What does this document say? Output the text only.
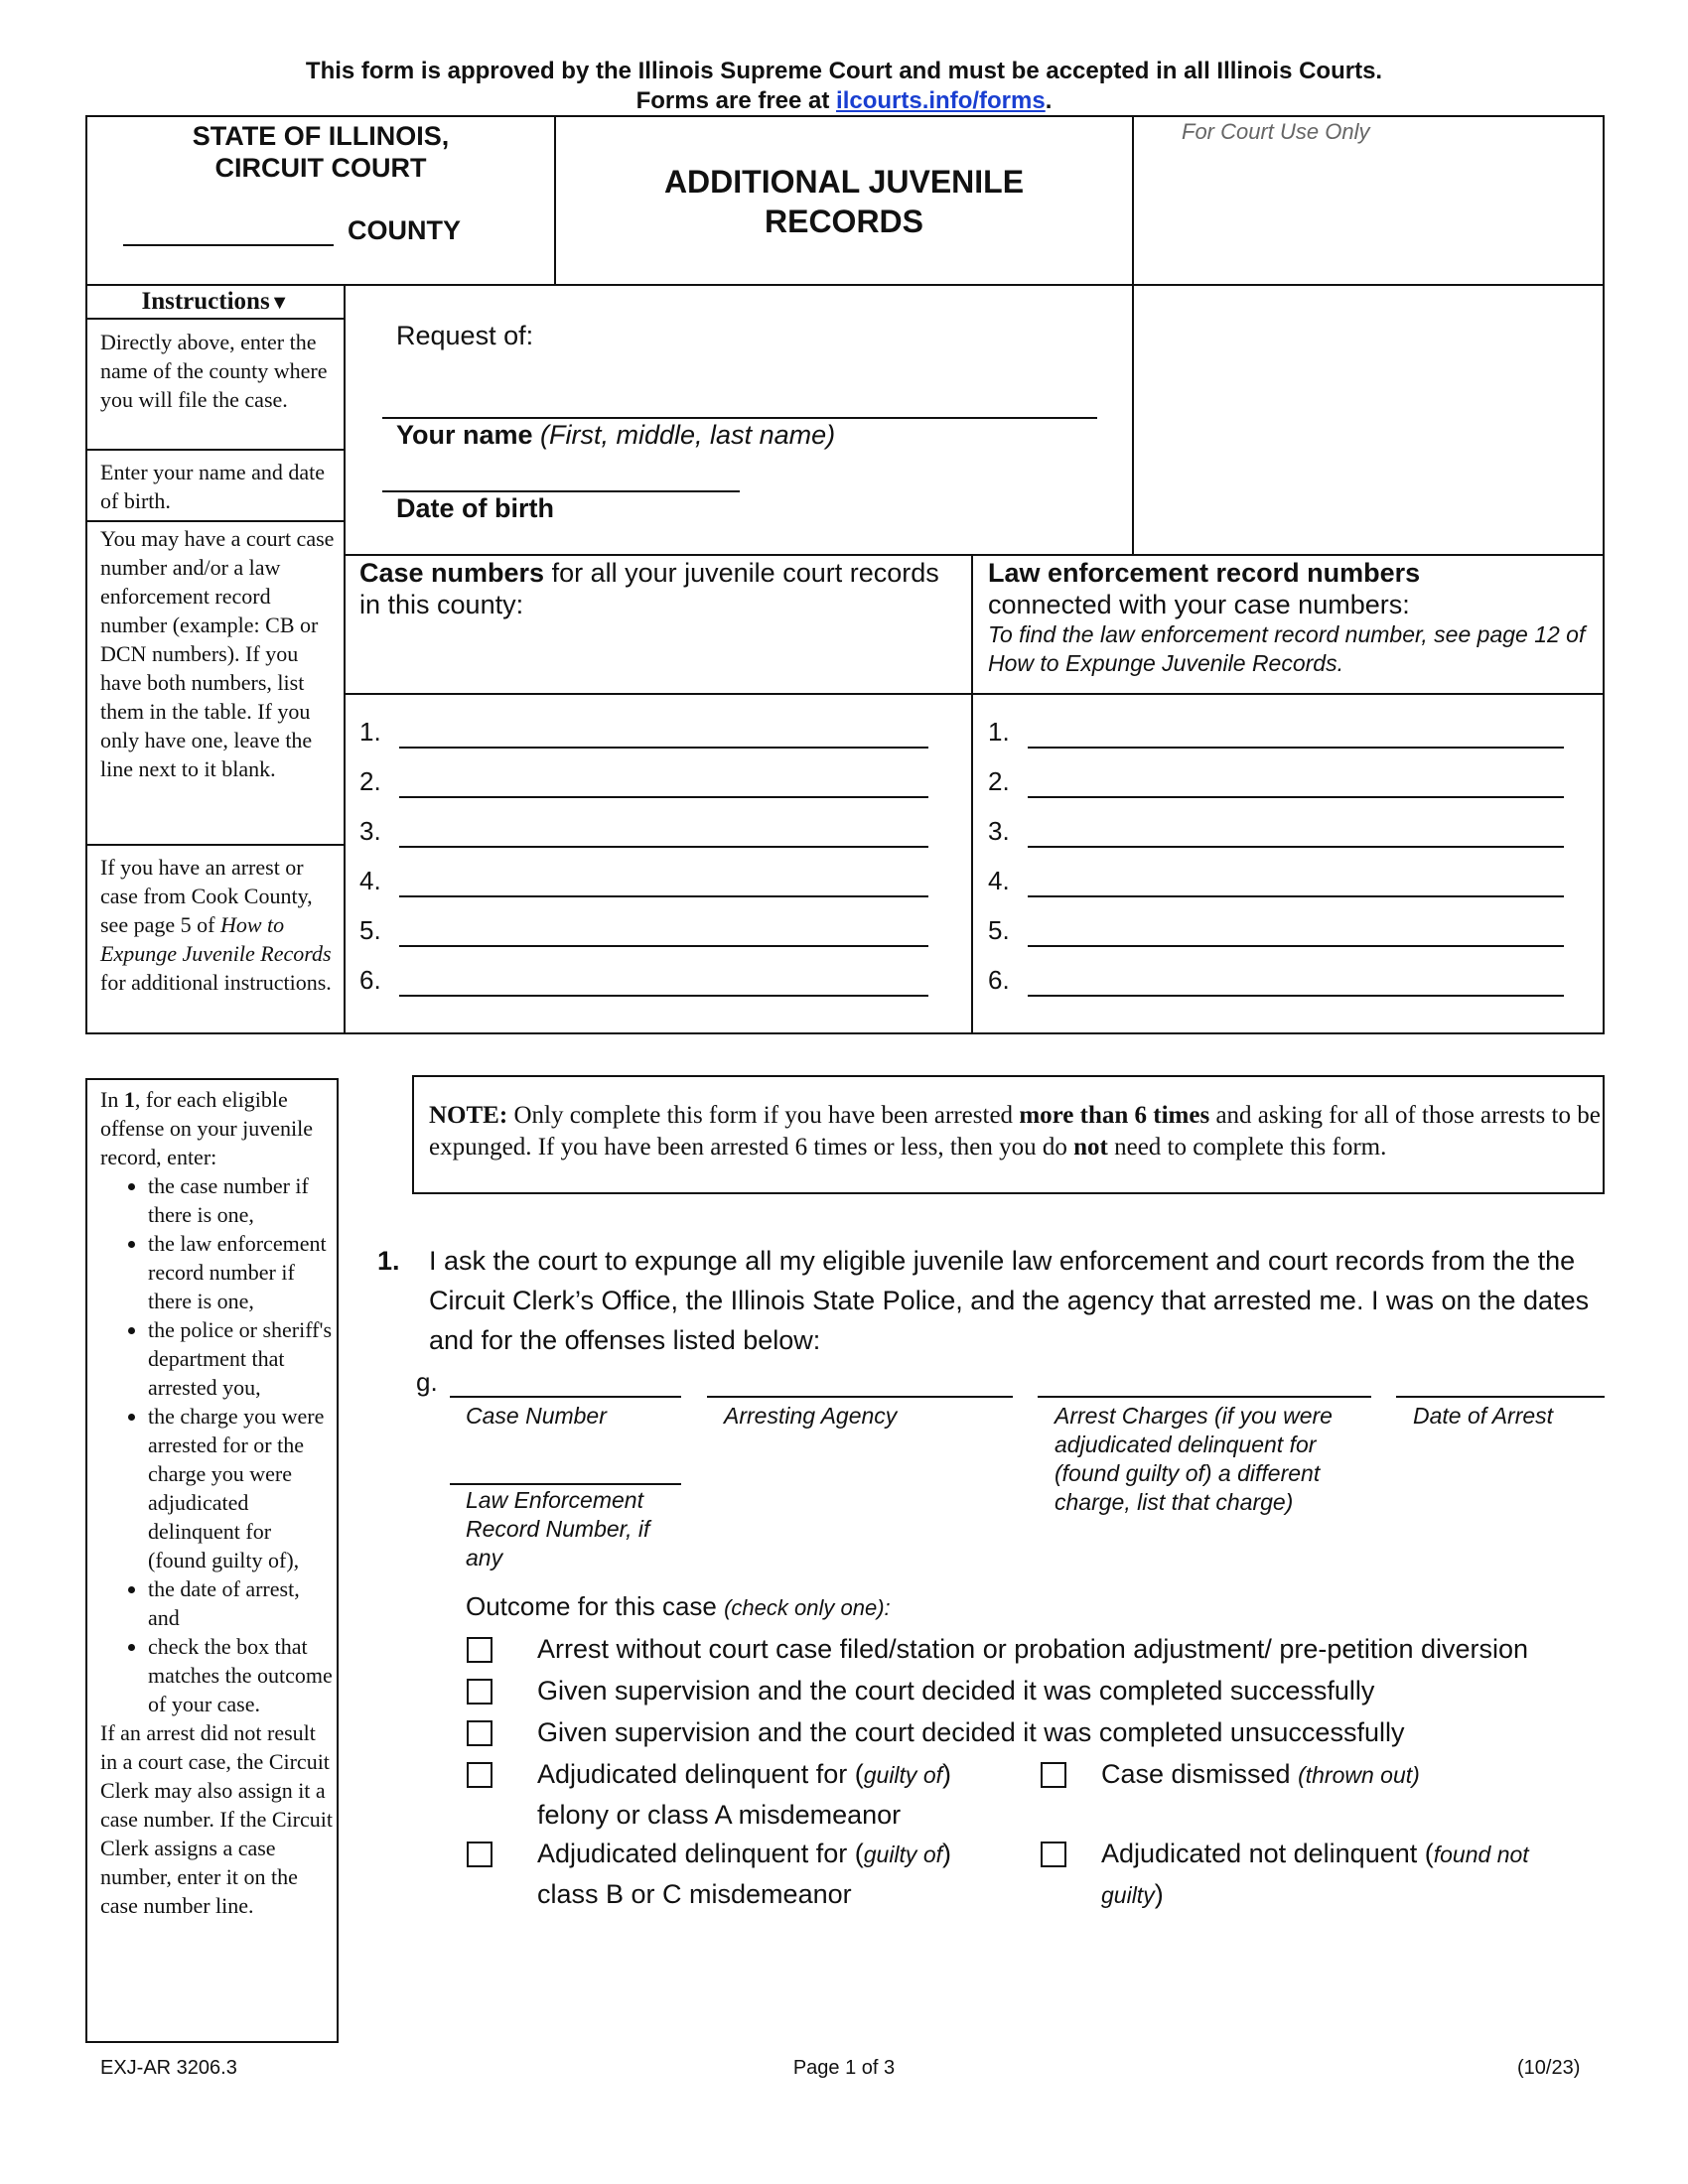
This form is approved by the Illinois Supreme Court and must be accepted in all Illinois Courts.
Forms are free at ilcourts.info/forms.
STATE OF ILLINOIS,
CIRCUIT COURT
COUNTY
ADDITIONAL JUVENILE
RECORDS
For Court Use Only
Instructions▼
Directly above, enter the name of the county where you will file the case.
Enter your name and date of birth.
You may have a court case number and/or a law enforcement record number (example: CB or DCN numbers). If you have both numbers, list them in the table. If you only have one, leave the line next to it blank.
If you have an arrest or case from Cook County, see page 5 of How to Expunge Juvenile Records for additional instructions.
Request of:
Your name (First, middle, last name)
Date of birth
Case numbers for all your juvenile court records in this county:
Law enforcement record numbers
connected with your case numbers:
To find the law enforcement record number, see page 12 of How to Expunge Juvenile Records.
1.
2.
3.
4.
5.
6.
1.
2.
3.
4.
5.
6.
In 1, for each eligible offense on your juvenile record, enter:
• the case number if there is one,
• the law enforcement record number if there is one,
• the police or sheriff's department that arrested you,
• the charge you were arrested for or the charge you were adjudicated delinquent for (found guilty of),
• the date of arrest, and
• check the box that matches the outcome of your case.
If an arrest did not result in a court case, the Circuit Clerk may also assign it a case number. If the Circuit Clerk assigns a case number, enter it on the case number line.
NOTE: Only complete this form if you have been arrested more than 6 times and asking for all of those arrests to be expunged. If you have been arrested 6 times or less, then you do not need to complete this form.
1. I ask the court to expunge all my eligible juvenile law enforcement and court records from the the Circuit Clerk’s Office, the Illinois State Police, and the agency that arrested me. I was on the dates and for the offenses listed below:
g.
Case Number	Arresting Agency	Arrest Charges (if you were adjudicated delinquent for (found guilty of) a different charge, list that charge)
Date of Arrest
Law Enforcement Record Number, if any
Outcome for this case (check only one):
Arrest without court case filed/station or probation adjustment/ pre-petition diversion
Given supervision and the court decided it was completed successfully
Given supervision and the court decided it was completed unsuccessfully
Adjudicated delinquent for (guilty of)
felony or class A misdemeanor
Case dismissed (thrown out)
Adjudicated delinquent for (guilty of)
class B or C misdemeanor
Adjudicated not delinquent (found not guilty)
EXJ-AR 3206.3	Page 1 of 3	(10/23)
